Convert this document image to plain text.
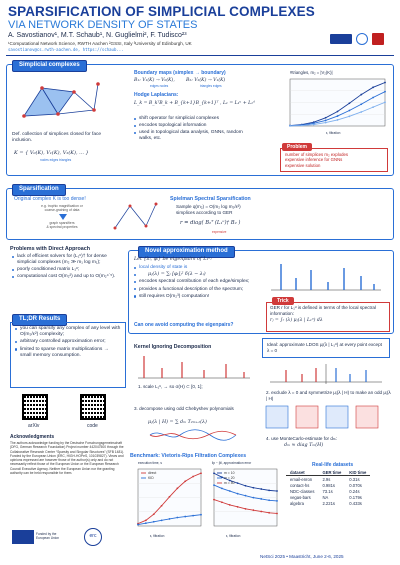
SPARSIFICATION OF SIMPLICIAL COMPLEXES
VIA NETWORK DENSITY OF STATES
A. Savostianov¹, M.T. Schaub¹, N. Guglielmi², F. Tudisco²³
¹Computational Network Science, RWTH Aachen ²GSSI, Italy ³University of Edinburgh, UK
savostianov@cs.rwth-aachen.de, https://schaub...
Simplicial complexes
Def. collection of simplices closed for face inclusion.
K = { V₀(K), V₁(K), V₂(K), ... }
nodes edges triangles
Boundary maps (simplex → boundary)
B₁: V₁(K) → V₀(K), B₂: V₂(K) → V₁(K)
edges nodes	triangles edges
Hodge Laplacians:
L_k = B_kᵀB_k + B_{k+1}B_{k+1}ᵀ , L₁ = L₁ᵘ + L₁ᵈ
shift operator for simplicial complexes
encodes topological information
used in topological data analysis, GNNs, random walks, etc.
#triangles, m₂ = |V₂(K)|
ε, filtration
Problem
number of simplices m₂ explodes
expensive inference for GNNs
expensive solution
Sparsification
Original complex K is too dense!
e.g. trophic magnification or
coarse-graining of data
graph sparsifiers
& spectral properties
Spielman Spectral Sparsification
Sample q(m₂) = O(m₂ log m₂/ε²)
simplices according to GER
r = diag( B₂ᵀ (L₁ᵘ)† B₂ )
expensive
Problems with Direct Approach
lack of efficient solvers for (L₁ᵘ)† for dense simplicial complexes (m₂ ≫ m₁ log m₁);
poorly conditioned matrix L₁ᵘ;
computational cost O(m₂²) and up to O(m₂⁴˙⁵).
TL;DR Results
you can sparsify any complex of any level with O(m₂/ε²) complexity;
arbitrary controlled approximation error;
limited to sparse matrix multiplications → small memory consumption.
arXiv	code
Acknowledgments
The authors acknowledge funding by the Deutsche Forschungsgemeinschaft (DFG, German Research Foundation) Project number 442047500 through the Collaborative Research Center “Sparsity and Singular Structures” (SFB 1481). Funded by the European Union (ERC, HIGH-HOPeS, 101039827). Views and opinions expressed are however those of the author(s) only and do not necessarily reflect those of the European Union or the European Research Council Executive Agency. Neither the European Union nor the granting authority can be held responsible for them.
Funded by the European Union	erc
Novel approximation method
Let {λᵢ, φᵢ} be eigenpairs of L₁ᵘ:
local density of state is
μⱼ(λ) = ∑ᵢ [φᵢ]ⱼ² δ(λ − λᵢ)
encodes spectral contribution of each edge/simplex;
provides a functional description of the spectrum;
still requires O(m₂³) computation!
Can one avoid computing the eigenpairs?
Trick
GER r for L₁ᵘ is defined in terms of the local spectral information:
rⱼ = ∫ᵣ (λ) μⱼ(λ | L₁ᵘ) dλ
Kernel Ignoring Decomposition	Ideal: approximate LDOS μⱼ(λ | L₁ᵘ) at every point except λ = 0
1. scale L₁ᵘ, → so σ(H) ⊂ [0, 1];
2. exclude λ = 0 and symmetrize μⱼ(λ | H) to make an odd μⱼ(λ | H)
3. decompose using odd Chebyshev polynomials
μⱼ(λ | H) = ∑ dₘ T₂ₘ₊₁(λ)
4. use MonteCarlo-estimate for dₘ:
dₘ ≈ diag Tₘ(H)
Benchmark: Vietoris-Rips Filtration Complexes
execution time, s	‖p − p̂‖, approximation error
direct
KID
m = 10
m = 20
m = 50
ε, filtration	ε, filtration
Real-life datasets
dataset	GER time	KID time
email-enron	2.9s	0.31s
contact-hs	0.981s	0.070s
NDC-classes	73.1s	0.24s
vegas-bars	NA	0.179s
algebra	2.221s	0.433s
NetSci 2025 • Maastricht, June 2-6, 2025
